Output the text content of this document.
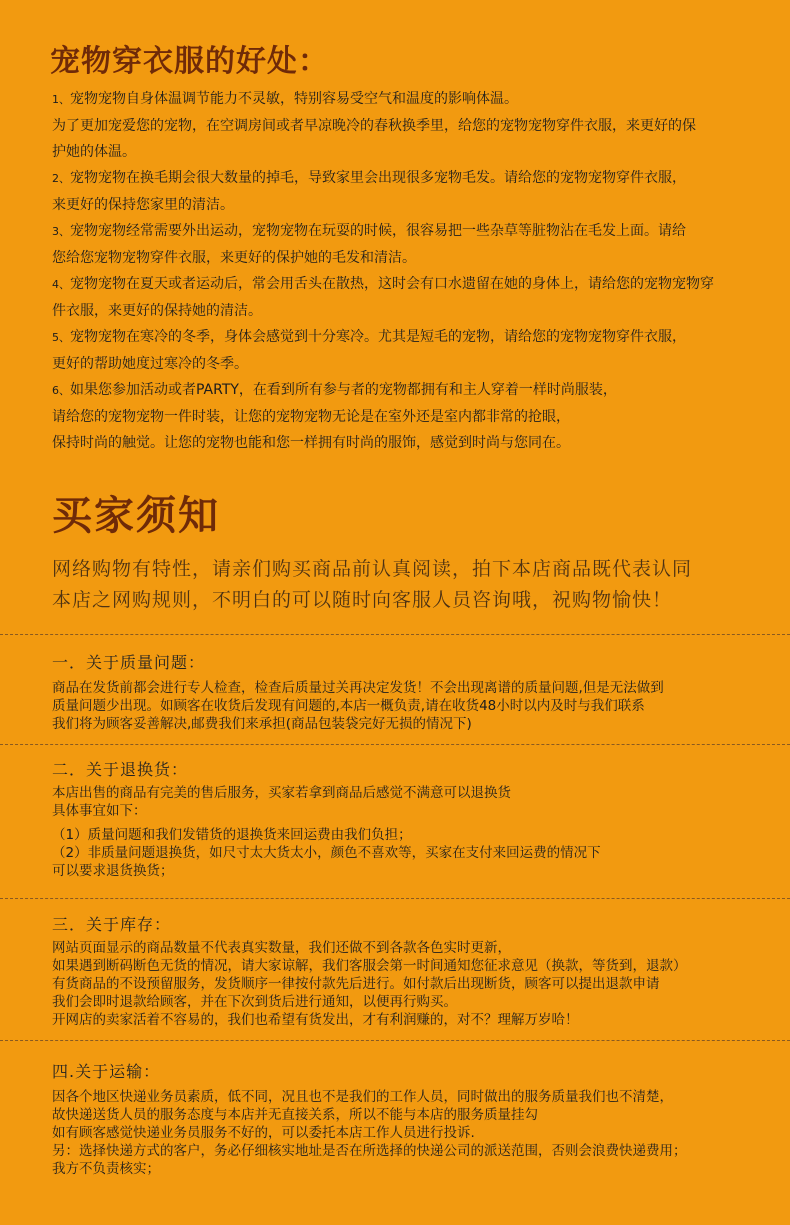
宠物穿衣服的好处：

1、宠物宠物自身体温调节能力不灵敏，特别容易受空气和温度的影响体温。

为了更加宠爱您的宠物，在空调房间或者早凉晚冷的春秋换季里，给您的宠物宠物穿件衣服，来更好的保

护她的体温。

2、宠物宠物在换毛期会很大数量的掉毛，导致家里会出现很多宠物毛发。请给您的宠物宠物穿件衣服，

来更好的保持您家里的清洁。

3、宠物宠物经常需要外出运动，宠物宠物在玩耍的时候，很容易把一些杂草等脏物沾在毛发上面。请给

您给您宠物宠物穿件衣服，来更好的保护她的毛发和清洁。

4、宠物宠物在夏天或者运动后，常会用舌头在散热，这时会有口水遗留在她的身体上，请给您的宠物宠物穿

件衣服，来更好的保持她的清洁。

5、宠物宠物在寒冷的冬季，身体会感觉到十分寒冷。尤其是短毛的宠物，请给您的宠物宠物穿件衣服，

更好的帮助她度过寒冷的冬季。

6、如果您参加活动或者PARTY，在看到所有参与者的宠物都拥有和主人穿着一样时尚服装，

请给您的宠物宠物一件时装，让您的宠物宠物无论是在室外还是室内都非常的抢眼，

保持时尚的触觉。让您的宠物也能和您一样拥有时尚的服饰，感觉到时尚与您同在。

买家须知

网络购物有特性，请亲们购买商品前认真阅读，拍下本店商品既代表认同

本店之网购规则，不明白的可以随时向客服人员咨询哦，祝购物愉快！

一．关于质量问题：

商品在发货前都会进行专人检查，检查后质量过关再决定发货！不会出现离谱的质量问题,但是无法做到

质量问题少出现。如顾客在收货后发现有问题的,本店一概负责,请在收货48小时以内及时与我们联系

我们将为顾客妥善解决,邮费我们来承担(商品包装袋完好无损的情况下)

二．关于退换货：

本店出售的商品有完美的售后服务，买家若拿到商品后感觉不满意可以退换货

具体事宜如下：

（1）质量问题和我们发错货的退换货来回运费由我们负担；

（2）非质量问题退换货，如尺寸太大货太小，颜色不喜欢等，买家在支付来回运费的情况下

可以要求退货换货；

三．关于库存：

网站页面显示的商品数量不代表真实数量，我们还做不到各款各色实时更新，

如果遇到断码断色无货的情况，请大家谅解，我们客服会第一时间通知您征求意见（换款，等货到，退款）

有货商品的不设预留服务，发货顺序一律按付款先后进行。如付款后出现断货，顾客可以提出退款申请

我们会即时退款给顾客，并在下次到货后进行通知，以便再行购买。

开网店的卖家活着不容易的，我们也希望有货发出，才有利润赚的，对不？理解万岁哈！

四.关于运输：

因各个地区快递业务员素质，低不同，况且也不是我们的工作人员，同时做出的服务质量我们也不清楚，

故快递送货人员的服务态度与本店并无直接关系，所以不能与本店的服务质量挂勾

如有顾客感觉快递业务员服务不好的，可以委托本店工作人员进行投诉.

另：选择快递方式的客户，务必仔细核实地址是否在所选择的快递公司的派送范围，否则会浪费快递费用；

我方不负责核实；
